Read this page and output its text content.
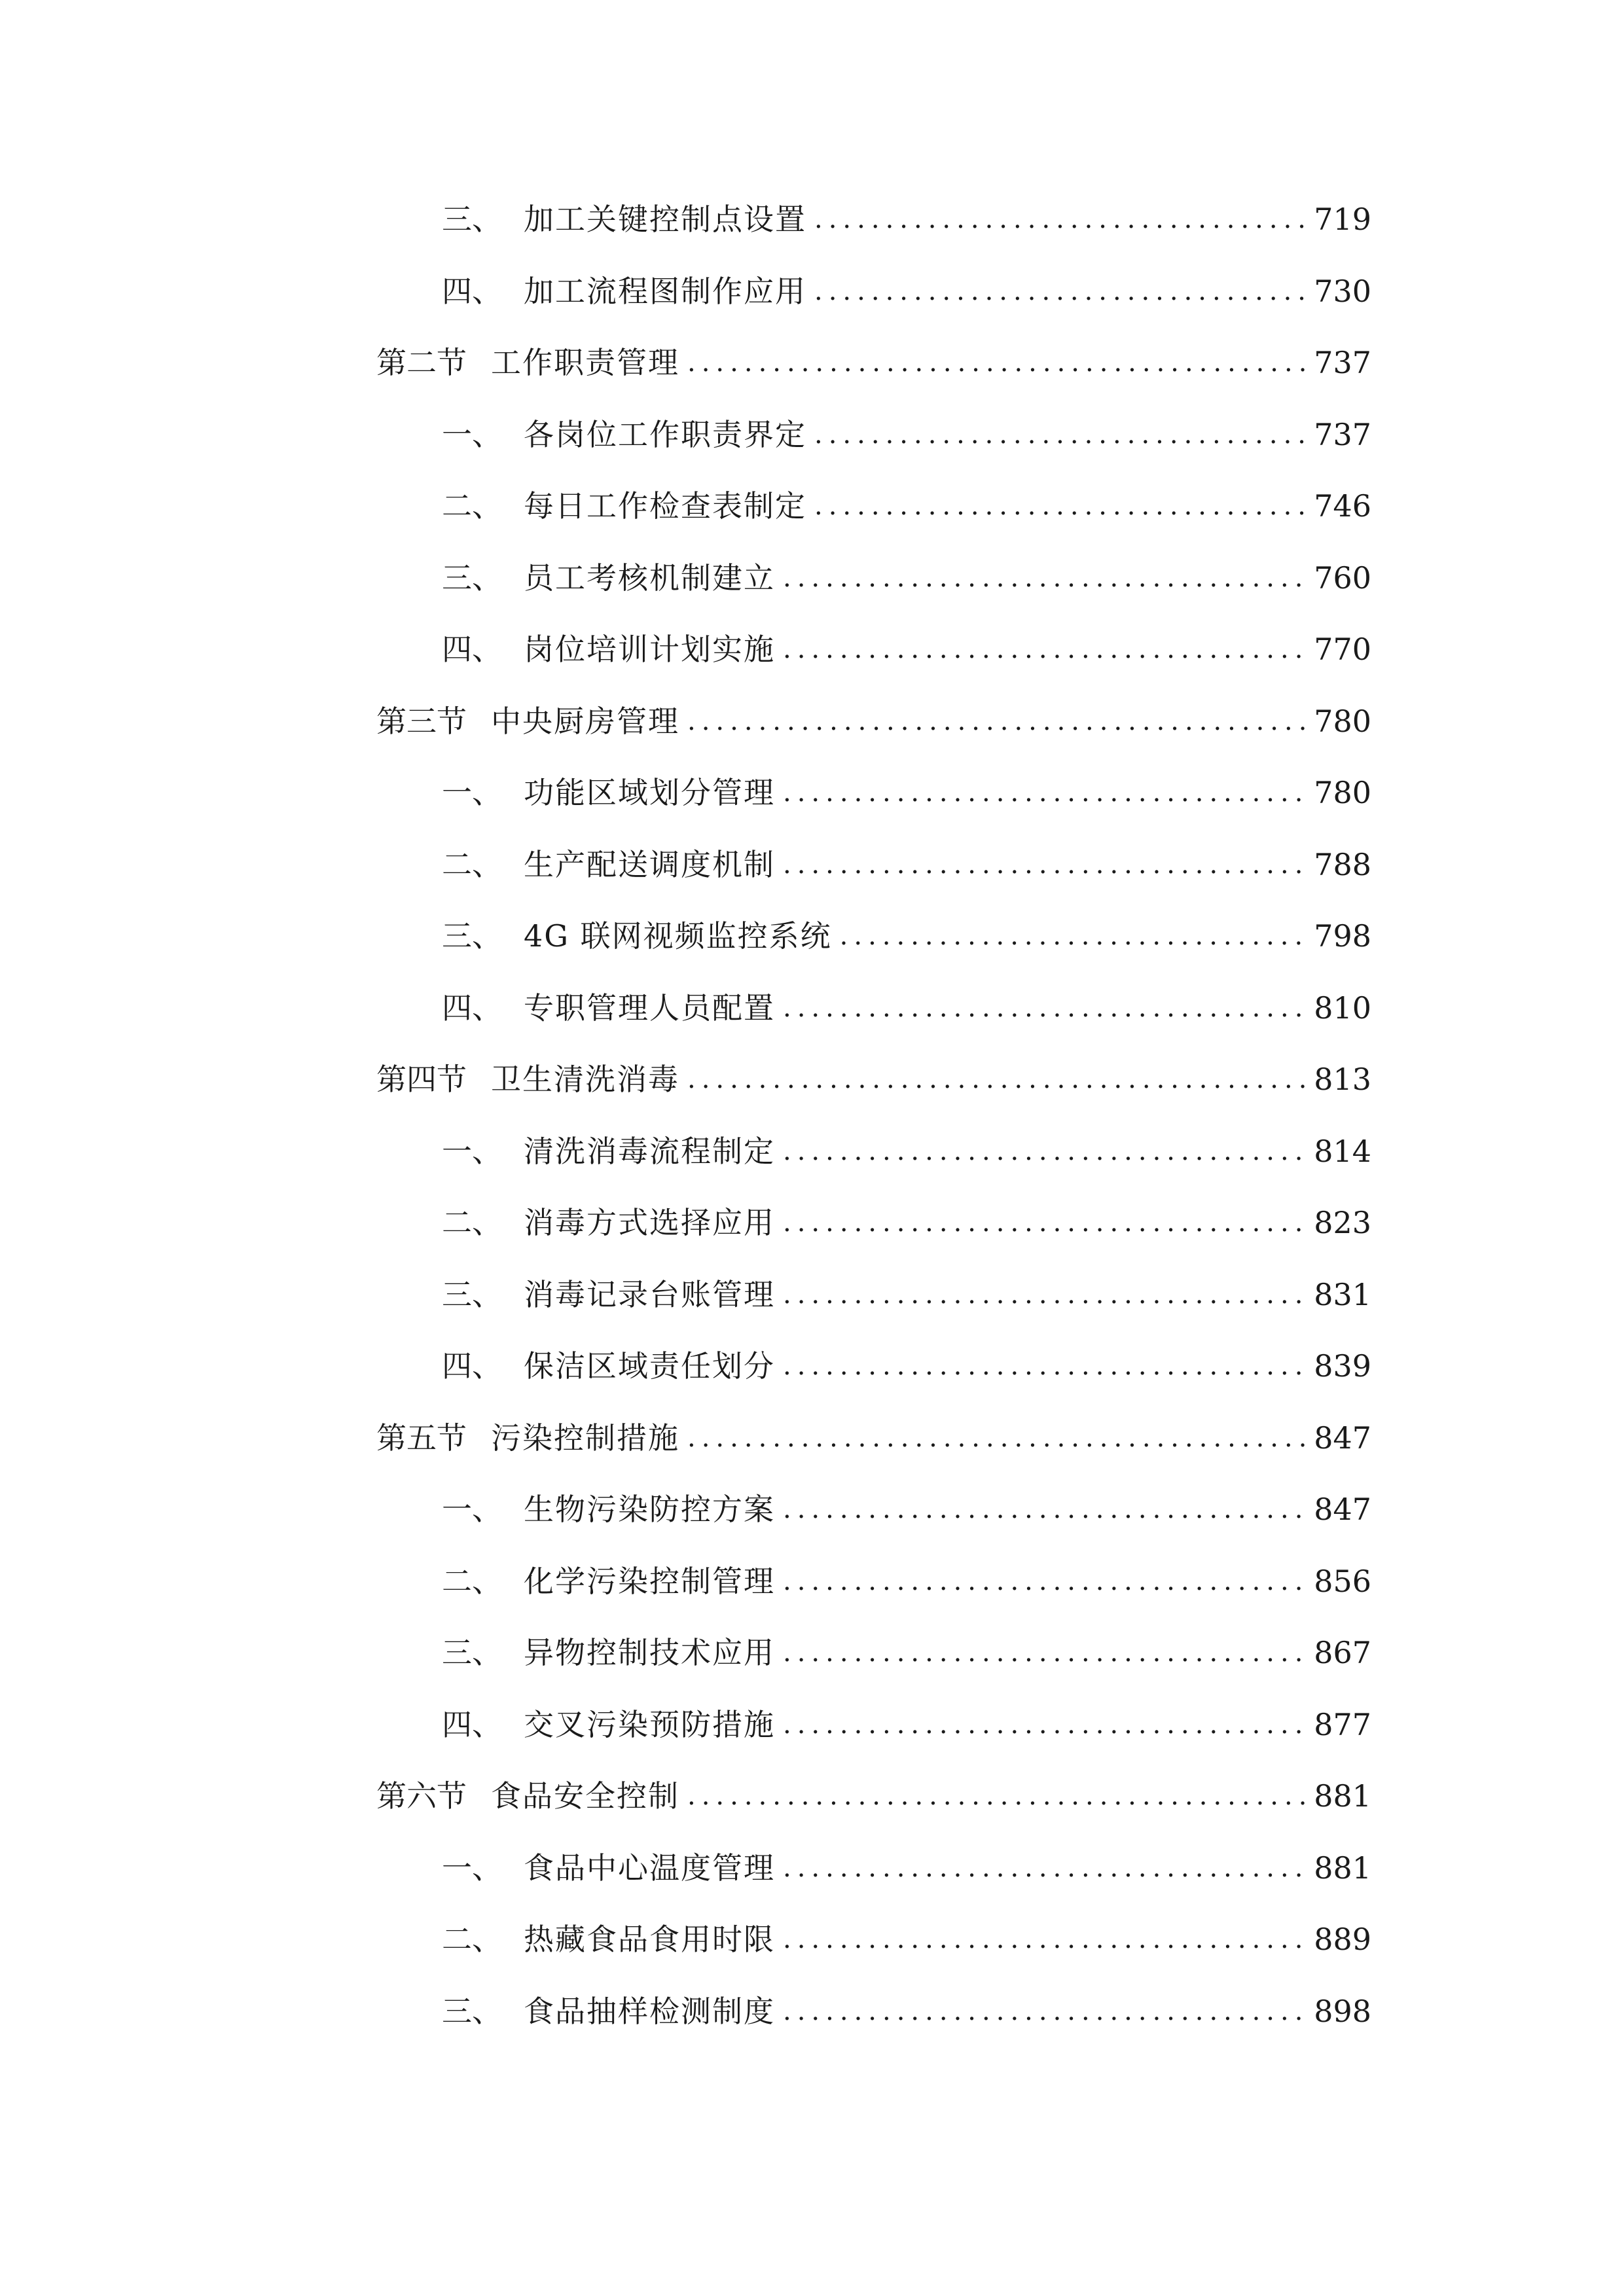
三、 加工关键控制点设置 .....	719
四、 加工流程图制作应用 .....	730
第二节 工作职责管理 .....	737
一、 各岗位工作职责界定 .....	737
二、 每日工作检查表制定 .....	746
三、 员工考核机制建立 .....	760
四、 岗位培训计划实施 .....	770
第三节 中央厨房管理 .....	780
一、 功能区域划分管理 .....	780
二、 生产配送调度机制 .....	788
三、 4G 联网视频监控系统 .....	798
四、 专职管理人员配置 .....	810
第四节 卫生清洗消毒 .....	813
一、 清洗消毒流程制定 .....	814
二、 消毒方式选择应用 .....	823
三、 消毒记录台账管理 .....	831
四、 保洁区域责任划分 .....	839
第五节 污染控制措施 .....	847
一、 生物污染防控方案 .....	847
二、 化学污染控制管理 .....	856
三、 异物控制技术应用 .....	867
四、 交叉污染预防措施 .....	877
第六节 食品安全控制 .....	881
一、 食品中心温度管理 .....	881
二、 热藏食品食用时限 .....	889
三、 食品抽样检测制度 .....	898
